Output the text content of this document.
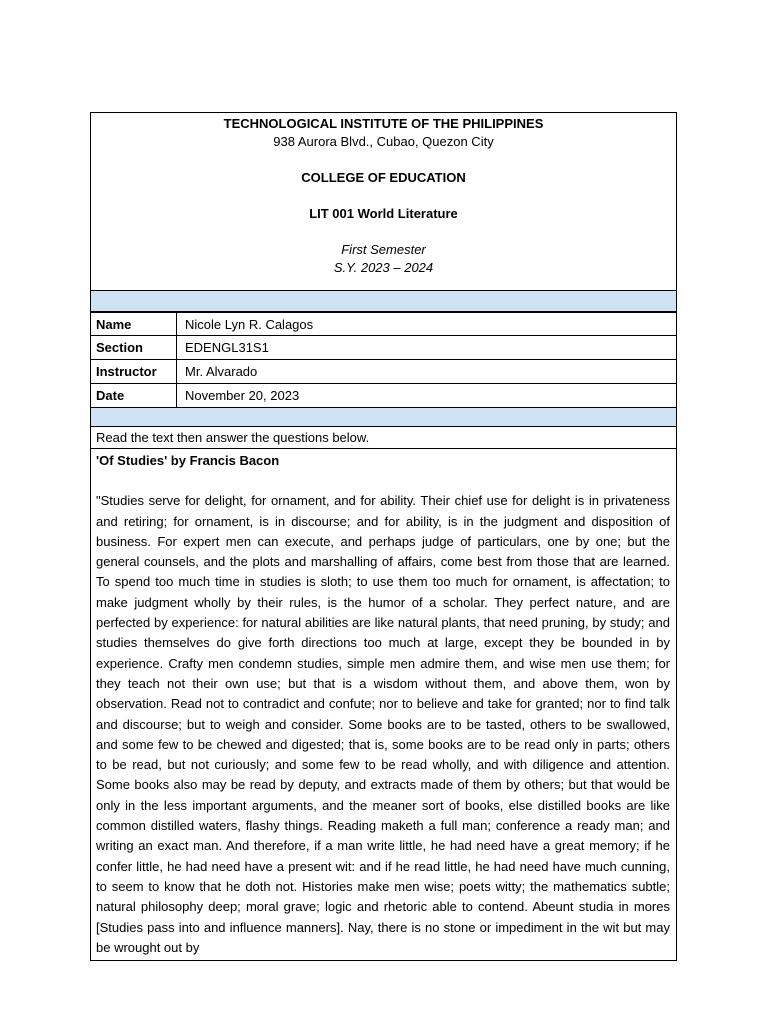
TECHNOLOGICAL INSTITUTE OF THE PHILIPPINES
938 Aurora Blvd., Cubao, Quezon City
COLLEGE OF EDUCATION
LIT 001 World Literature
First Semester
S.Y. 2023 – 2024
Name	Nicole Lyn R. Calagos
Section	EDENGL31S1
Instructor	Mr. Alvarado
Date	November 20, 2023
Read the text then answer the questions below.
'Of Studies' by Francis Bacon
"Studies serve for delight, for ornament, and for ability. Their chief use for delight is in privateness and retiring; for ornament, is in discourse; and for ability, is in the judgment and disposition of business. For expert men can execute, and perhaps judge of particulars, one by one; but the general counsels, and the plots and marshalling of affairs, come best from those that are learned. To spend too much time in studies is sloth; to use them too much for ornament, is affectation; to make judgment wholly by their rules, is the humor of a scholar. They perfect nature, and are perfected by experience: for natural abilities are like natural plants, that need pruning, by study; and studies themselves do give forth directions too much at large, except they be bounded in by experience. Crafty men condemn studies, simple men admire them, and wise men use them; for they teach not their own use; but that is a wisdom without them, and above them, won by observation. Read not to contradict and confute; nor to believe and take for granted; nor to find talk and discourse; but to weigh and consider. Some books are to be tasted, others to be swallowed, and some few to be chewed and digested; that is, some books are to be read only in parts; others to be read, but not curiously; and some few to be read wholly, and with diligence and attention. Some books also may be read by deputy, and extracts made of them by others; but that would be only in the less important arguments, and the meaner sort of books, else distilled books are like common distilled waters, flashy things. Reading maketh a full man; conference a ready man; and writing an exact man. And therefore, if a man write little, he had need have a great memory; if he confer little, he had need have a present wit: and if he read little, he had need have much cunning, to seem to know that he doth not. Histories make men wise; poets witty; the mathematics subtle; natural philosophy deep; moral grave; logic and rhetoric able to contend. Abeunt studia in mores [Studies pass into and influence manners]. Nay, there is no stone or impediment in the wit but may be wrought out by
